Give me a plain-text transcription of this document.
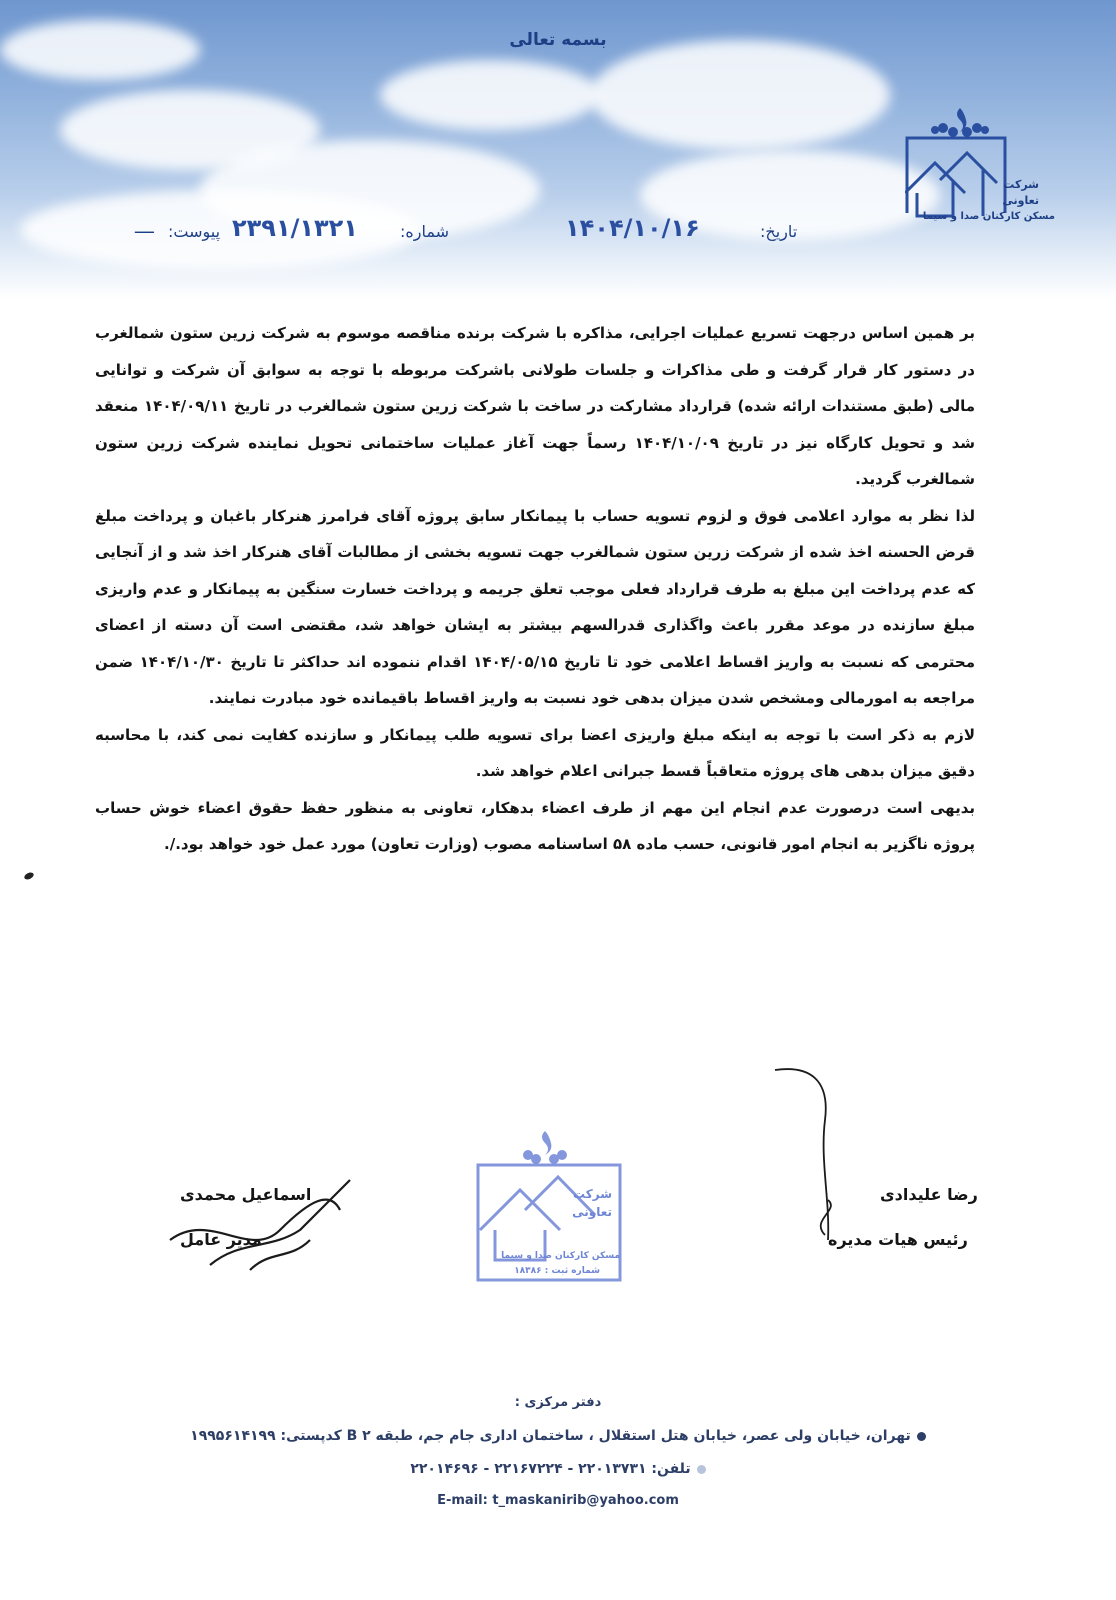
بسمه تعالی
شرکت
تعاونی
مسکن کارکنان صدا و سیما
تاریخ:
۱۴۰۴/۱۰/۱۶
شماره:
۲۳۹۱/۱۳۲۱
پیوست:
ــــ

بر همین اساس درجهت تسریع عملیات اجرایی، مذاکره با شرکت برنده مناقصه موسوم به شرکت زرین ستون شمالغرب در دستور کار قرار گرفت و طی مذاکرات و جلسات طولانی باشرکت مربوطه با توجه به سوابق آن شرکت و توانایی مالی (طبق مستندات ارائه شده) قرارداد مشارکت در ساخت با شرکت زرین ستون شمالغرب در تاریخ ۱۴۰۴/۰۹/۱۱ منعقد شد و تحویل کارگاه نیز در تاریخ ۱۴۰۴/۱۰/۰۹ رسماً جهت آغاز عملیات ساختمانی تحویل نماینده شرکت زرین ستون شمالغرب گردید.

لذا نظر به موارد اعلامی فوق و لزوم تسویه حساب با پیمانکار سابق پروژه آقای فرامرز هنرکار باغبان و پرداخت مبلغ قرض الحسنه اخذ شده از شرکت زرین ستون شمالغرب جهت تسویه بخشی از مطالبات آقای هنرکار اخذ شد و از آنجایی که عدم پرداخت این مبلغ به طرف قرارداد فعلی موجب تعلق جریمه و پرداخت خسارت سنگین به پیمانکار و عدم واریزی مبلغ سازنده در موعد مقرر باعث واگذاری قدرالسهم بیشتر به ایشان خواهد شد، مقتضی است آن دسته از اعضای محترمی که نسبت به واریز اقساط اعلامی خود تا تاریخ ۱۴۰۴/۰۵/۱۵ اقدام ننموده اند حداکثر تا تاریخ ۱۴۰۴/۱۰/۳۰ ضمن مراجعه به امورمالی ومشخص شدن میزان بدهی خود نسبت به واریز اقساط باقیمانده خود مبادرت نمایند.

لازم به ذکر است با توجه به اینکه مبلغ واریزی اعضا برای تسویه طلب پیمانکار و سازنده کفایت نمی کند، با محاسبه دقیق میزان بدهی های پروژه متعاقباً قسط جبرانی اعلام خواهد شد.

بدیهی است درصورت عدم انجام این مهم از طرف اعضاء بدهکار، تعاونی به منظور حفظ حقوق اعضاء خوش حساب پروژه ناگزیر به انجام امور قانونی، حسب ماده ۵۸ اساسنامه مصوب (وزارت تعاون) مورد عمل خود خواهد بود./.

اسماعیل محمدی
مدیر عامل
رضا علیدادی
رئیس هیات مدیره
شرکت
تعاونی
مسکن کارکنان صدا و سیما
شماره ثبت : ۱۸۳۸۶
دفتر مرکزی :
تهران، خیابان ولی عصر، خیابان هتل استقلال ، ساختمان اداری جام جم، طبقه ۲ B کدپستی: ۱۹۹۵۶۱۴۱۹۹
تلفن: ۲۲۰۱۳۷۳۱ - ۲۲۱۶۷۲۲۴ - ۲۲۰۱۴۶۹۶
E-mail: t_maskanirib@yahoo.com
